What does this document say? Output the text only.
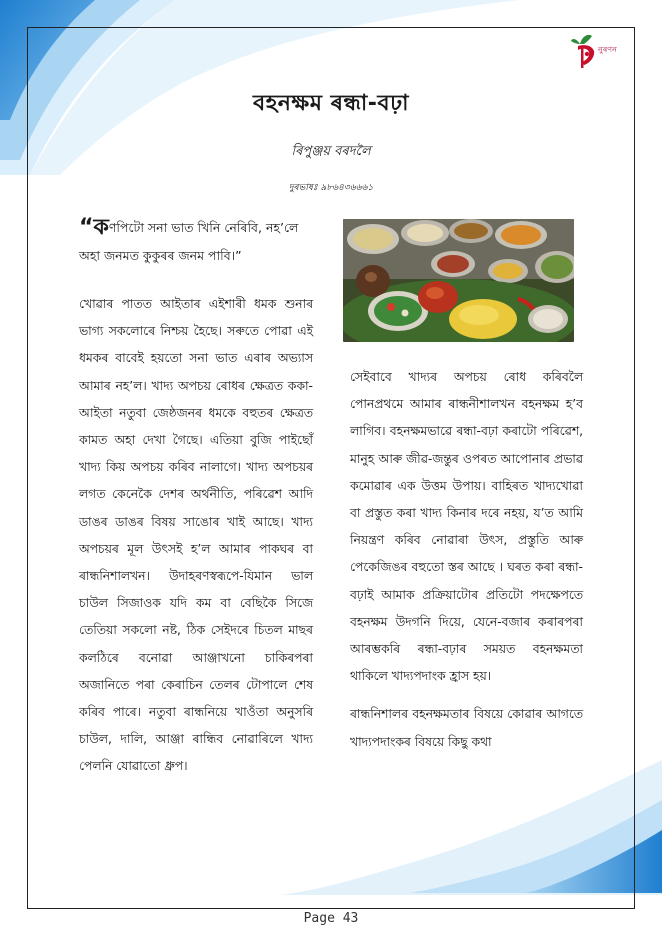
নুৰণন
বহনক্ষম ৰন্ধা-বঢ়া
ৰিপুঞ্জয় বৰদলৈ
দুৰভাষঃ ৯৮৬৪৩৬৬৬১
“কণপিটো সনা ভাত খিনি নেৰিবি, নহ’লে অহা জনমত কুকুৰৰ জনম পাবি।”

খোৱাৰ পাতত আইতাৰ এইশাৰী ধমক শুনাৰ ভাগ্য সকলোৰে নিশ্চয় হৈছে। সৰুতে পোৱা এই ধমকৰ বাবেই হয়তো সনা ভাত এৰাৰ অভ্যাস আমাৰ নহ’ল। খাদ্য অপচয় ৰোধৰ ক্ষেত্ৰত ককা-আইতা নতুবা জেষ্ঠজনৰ ধমকে বহুতৰ ক্ষেত্ৰত কামত অহা দেখা গৈছে। এতিয়া বুজি পাইছোঁ খাদ্য কিয় অপচয় কৰিব নালাগে। খাদ্য অপচয়ৰ লগত কেনেকৈ দেশৰ অৰ্থনীতি, পৰিৱেশ আদি ডাঙৰ ডাঙৰ বিষয় সাঙোৰ খাই আছে। খাদ্য অপচয়ৰ মূল উৎসই হ’ল আমাৰ পাকঘৰ বা ৰান্ধনিশালখন। উদাহৰণস্বৰূপে-যিমান ভাল চাউল সিজাওক যদি কম বা বেছিকৈ সিজে তেতিয়া সকলো নষ্ট, ঠিক সেইদৰে চিতল মাছৰ কলঠিৰে বনোৱা আঞ্জাখনো চাকিৰপৰা অজানিতে পৰা কেৰাচিন তেলৰ টোপালে শেষ কৰিব পাৰে। নতুবা ৰান্ধনিয়ে খাওঁতা অনুসৰি চাউল, দালি, আঞ্জা ৰান্ধিব নোৱাৰিলে খাদ্য পেলনি যোৱাতো ধ্ৰুপ।

সেইবাবে খাদ্যৰ অপচয় ৰোধ কৰিবলৈ পোনপ্ৰথমে আমাৰ ৰান্ধনীশালখন বহনক্ষম হ’ব লাগিব। বহনক্ষমভাৱে ৰন্ধা-বঢ়া কৰাটো পৰিৱেশ, মানুহ আৰু জীৱ-জন্তুৰ ওপৰত আপোনাৰ প্ৰভাৱ কমোৱাৰ এক উত্তম উপায়। বাহিৰত খাদ্যখোৱা বা প্ৰস্তুত কৰা খাদ্য কিনাৰ দৰে নহয়, য’ত আমি নিয়ন্ত্ৰণ কৰিব নোৱাৰা উৎস, প্ৰস্তুতি আৰু পেকেজিঙৰ বহুতো স্তৰ আছে । ঘৰত কৰা ৰন্ধা-বঢ়াই আমাক প্ৰক্ৰিয়াটোৰ প্ৰতিটো পদক্ষেপতে বহনক্ষম উদগনি দিয়ে, যেনে-বজাৰ কৰাৰপৰা আৰম্ভকৰি ৰন্ধা-বঢ়াৰ সময়ত বহনক্ষমতা থাকিলে খাদ্যপদাংক হ্ৰাস হয়।

ৰান্ধনিশালৰ বহনক্ষমতাৰ বিষয়ে কোৱাৰ আগতে খাদ্যপদাংকৰ বিষয়ে কিছু কথা

Page 43
